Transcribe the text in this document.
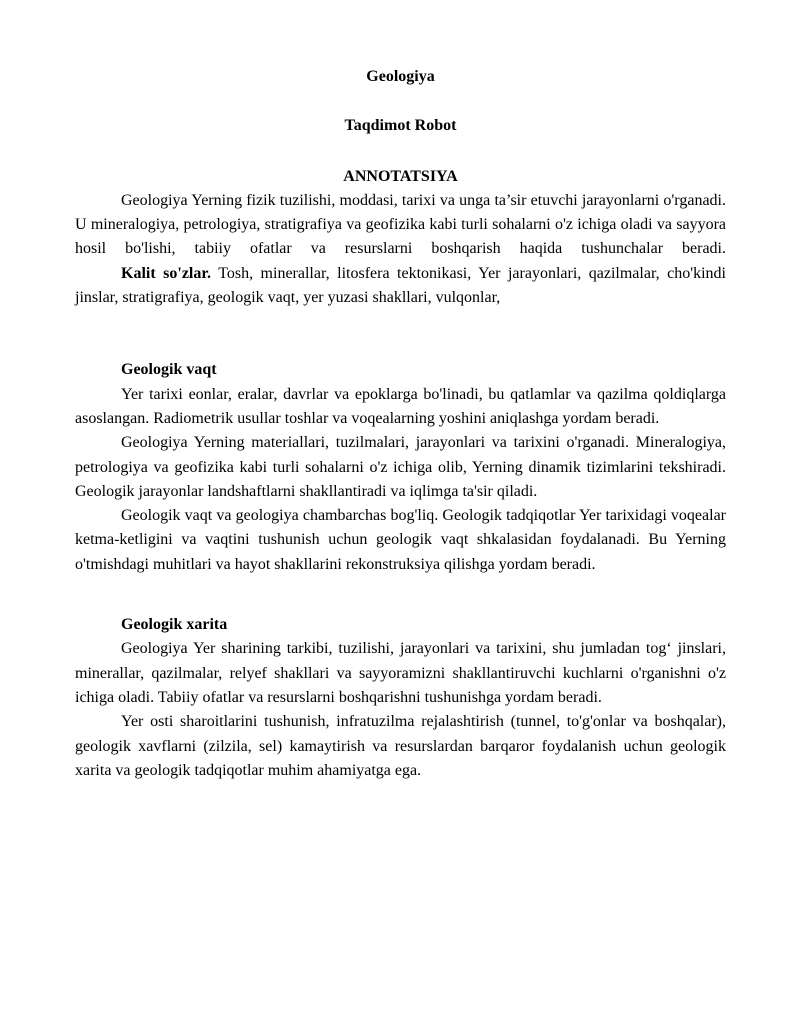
Geologiya

Taqdimot Robot

ANNOTATSIYA

Geologiya Yerning fizik tuzilishi, moddasi, tarixi va unga ta’sir etuvchi jarayonlarni o'rganadi. U mineralogiya, petrologiya, stratigrafiya va geofizika kabi turli sohalarni o'z ichiga oladi va sayyora hosil bo'lishi, tabiiy ofatlar va resurslarni boshqarish haqida tushunchalar beradi.

Kalit so'zlar. Tosh, minerallar, litosfera tektonikasi, Yer jarayonlari, qazilmalar, cho'kindi jinslar, stratigrafiya, geologik vaqt, yer yuzasi shakllari, vulqonlar,

Geologik vaqt

Yer tarixi eonlar, eralar, davrlar va epoklarga bo'linadi, bu qatlamlar va qazilma qoldiqlarga asoslangan. Radiometrik usullar toshlar va voqealarning yoshini aniqlashga yordam beradi.

Geologiya Yerning materiallari, tuzilmalari, jarayonlari va tarixini o'rganadi. Mineralogiya, petrologiya va geofizika kabi turli sohalarni o'z ichiga olib, Yerning dinamik tizimlarini tekshiradi. Geologik jarayonlar landshaftlarni shakllantiradi va iqlimga ta'sir qiladi.

Geologik vaqt va geologiya chambarchas bog'liq. Geologik tadqiqotlar Yer tarixidagi voqealar ketma-ketligini va vaqtini tushunish uchun geologik vaqt shkalasidan foydalanadi. Bu Yerning o'tmishdagi muhitlari va hayot shakllarini rekonstruksiya qilishga yordam beradi.

Geologik xarita

Geologiya Yer sharining tarkibi, tuzilishi, jarayonlari va tarixini, shu jumladan tog‘ jinslari, minerallar, qazilmalar, relyef shakllari va sayyoramizni shakllantiruvchi kuchlarni o'rganishni o'z ichiga oladi. Tabiiy ofatlar va resurslarni boshqarishni tushunishga yordam beradi.

Yer osti sharoitlarini tushunish, infratuzilma rejalashtirish (tunnel, to'g'onlar va boshqalar), geologik xavflarni (zilzila, sel) kamaytirish va resurslardan barqaror foydalanish uchun geologik xarita va geologik tadqiqotlar muhim ahamiyatga ega.
